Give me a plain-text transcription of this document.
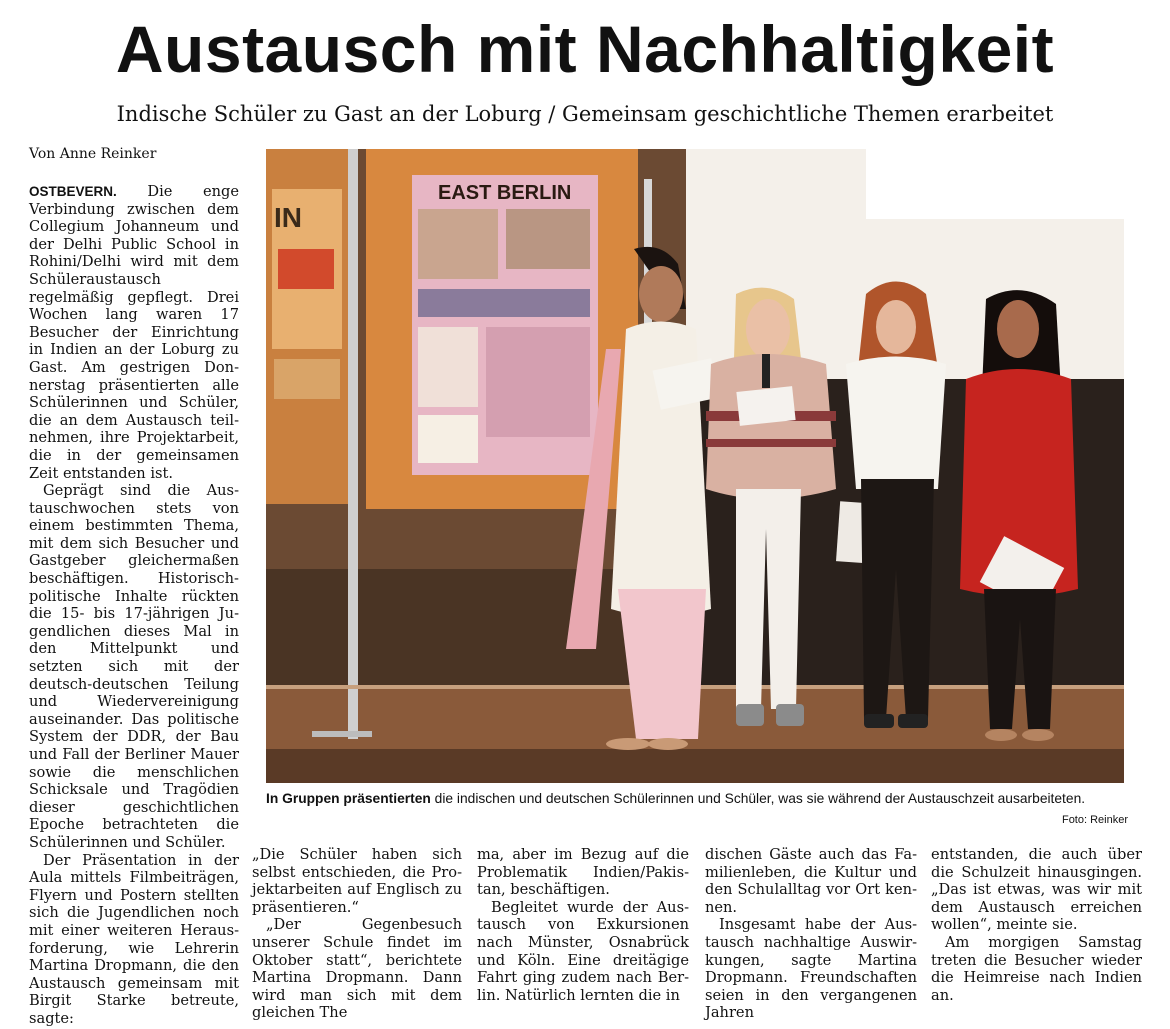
Austausch mit Nachhaltigkeit
Indische Schüler zu Gast an der Loburg / Gemeinsam geschichtliche Themen erarbeitet
Von Anne Reinker

OSTBEVERN. Die enge Verbindung zwischen dem Collegium Johanneum und der Delhi Public School in Rohini/Delhi wird mit dem Schüleraustausch regelmäßig gepflegt. Drei Wochen lang waren 17 Besucher der Einrichtung in Indien an der Loburg zu Gast. Am gestrigen Donnerstag präsentierten alle Schülerinnen und Schüler, die an dem Austausch teilnehmen, ihre Projektarbeit, die in der gemeinsamen Zeit entstanden ist.

Geprägt sind die Austauschwochen stets von einem bestimmten Thema, mit dem sich Besucher und Gastgeber gleichermaßen beschäftigen. Historisch-politische Inhalte rückten die 15- bis 17-jährigen Jugendlichen dieses Mal in den Mittelpunkt und setzten sich mit der deutsch-deutschen Teilung und Wiedervereinigung auseinander. Das politische System der DDR, der Bau und Fall der Berliner Mauer sowie die menschlichen Schicksale und Tragödien dieser geschichtlichen Epoche betrachteten die Schülerinnen und Schüler.

Der Präsentation in der Aula mittels Filmbeiträgen, Flyern und Postern stellten sich die Jugendlichen noch mit einer weiteren Herausforderung, wie Lehrerin Martina Dropmann, die den Austausch gemeinsam mit Birgit Starke betreute, sagte:

IN
EAST BERLIN
In Gruppen präsentierten die indischen und deutschen Schülerinnen und Schüler, was sie während der Austauschzeit ausarbeiteten.
Foto: Reinker

„Die Schüler haben sich selbst entschieden, die Projektarbeiten auf Englisch zu präsentieren.“

„Der Gegenbesuch unserer Schule findet im Oktober statt“, berichtete Martina Dropmann. Dann wird man sich mit dem gleichen The

ma, aber im Bezug auf die Problematik Indien/Pakistan, beschäftigen.

Begleitet wurde der Austausch von Exkursionen nach Münster, Osnabrück und Köln. Eine dreitägige Fahrt ging zudem nach Berlin. Natürlich lernten die in

dischen Gäste auch das Familienleben, die Kultur und den Schulalltag vor Ort kennen.

Insgesamt habe der Austausch nachhaltige Auswirkungen, sagte Martina Dropmann. Freundschaften seien in den vergangenen Jahren

entstanden, die auch über die Schulzeit hinausgingen. „Das ist etwas, was wir mit dem Austausch erreichen wollen“, meinte sie.

Am morgigen Samstag treten die Besucher wieder die Heimreise nach Indien an.
